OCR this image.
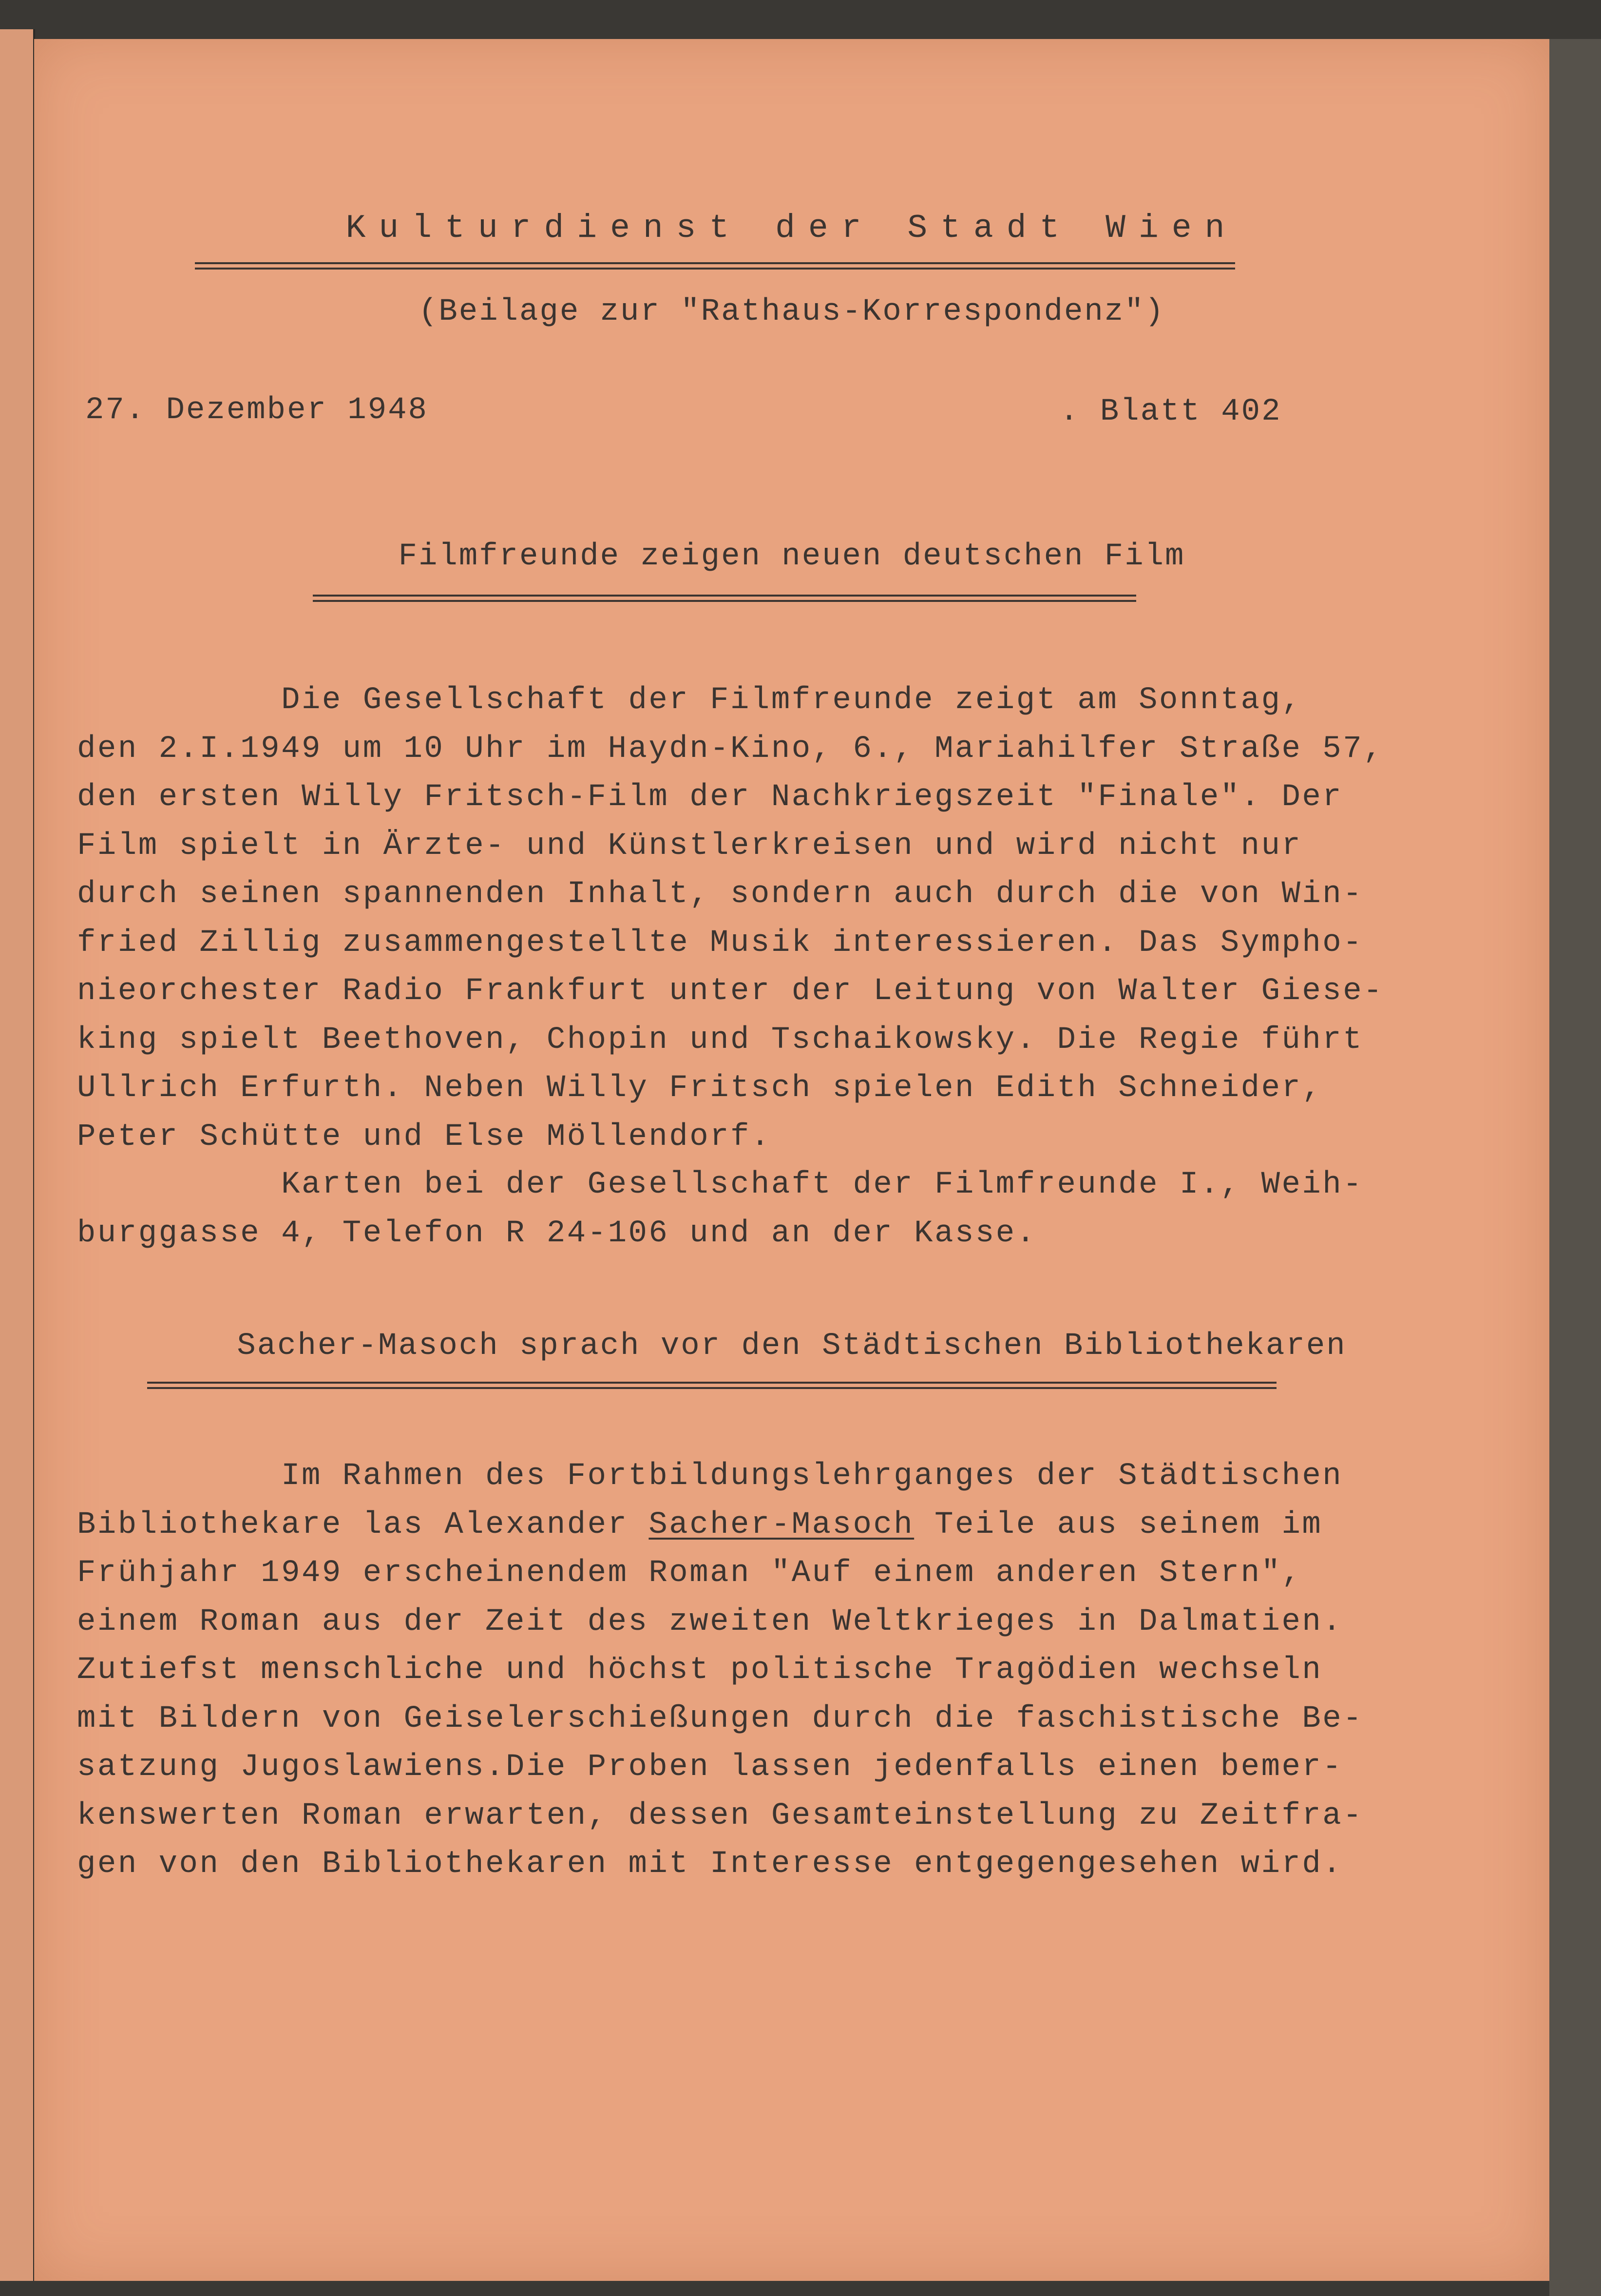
Kulturdienst der Stadt Wien
(Beilage zur "Rathaus-Korrespondenz")
27. Dezember 1948	. Blatt 402
Filmfreunde zeigen neuen deutschen Film
Die Gesellschaft der Filmfreunde zeigt am Sonntag,
den 2.I.1949 um 10 Uhr im Haydn-Kino, 6., Mariahilfer Straße 57,
den ersten Willy Fritsch-Film der Nachkriegszeit "Finale". Der
Film spielt in Ärzte- und Künstlerkreisen und wird nicht nur
durch seinen spannenden Inhalt, sondern auch durch die von Win-
fried Zillig zusammengestellte Musik interessieren. Das Sympho-
nieorchester Radio Frankfurt unter der Leitung von Walter Giese-
king spielt Beethoven, Chopin und Tschaikowsky. Die Regie führt
Ullrich Erfurth. Neben Willy Fritsch spielen Edith Schneider,
Peter Schütte und Else Möllendorf.
Karten bei der Gesellschaft der Filmfreunde I., Weih-
burggasse 4, Telefon R 24-106 und an der Kasse.
Sacher-Masoch sprach vor den Städtischen Bibliothekaren
Im Rahmen des Fortbildungslehrganges der Städtischen
Bibliothekare las Alexander Sacher-Masoch Teile aus seinem im
Frühjahr 1949 erscheinendem Roman "Auf einem anderen Stern",
einem Roman aus der Zeit des zweiten Weltkrieges in Dalmatien.
Zutiefst menschliche und höchst politische Tragödien wechseln
mit Bildern von Geiselerschießungen durch die faschistische Be-
satzung Jugoslawiens.Die Proben lassen jedenfalls einen bemer-
kenswerten Roman erwarten, dessen Gesamteinstellung zu Zeitfra-
gen von den Bibliothekaren mit Interesse entgegengesehen wird.
